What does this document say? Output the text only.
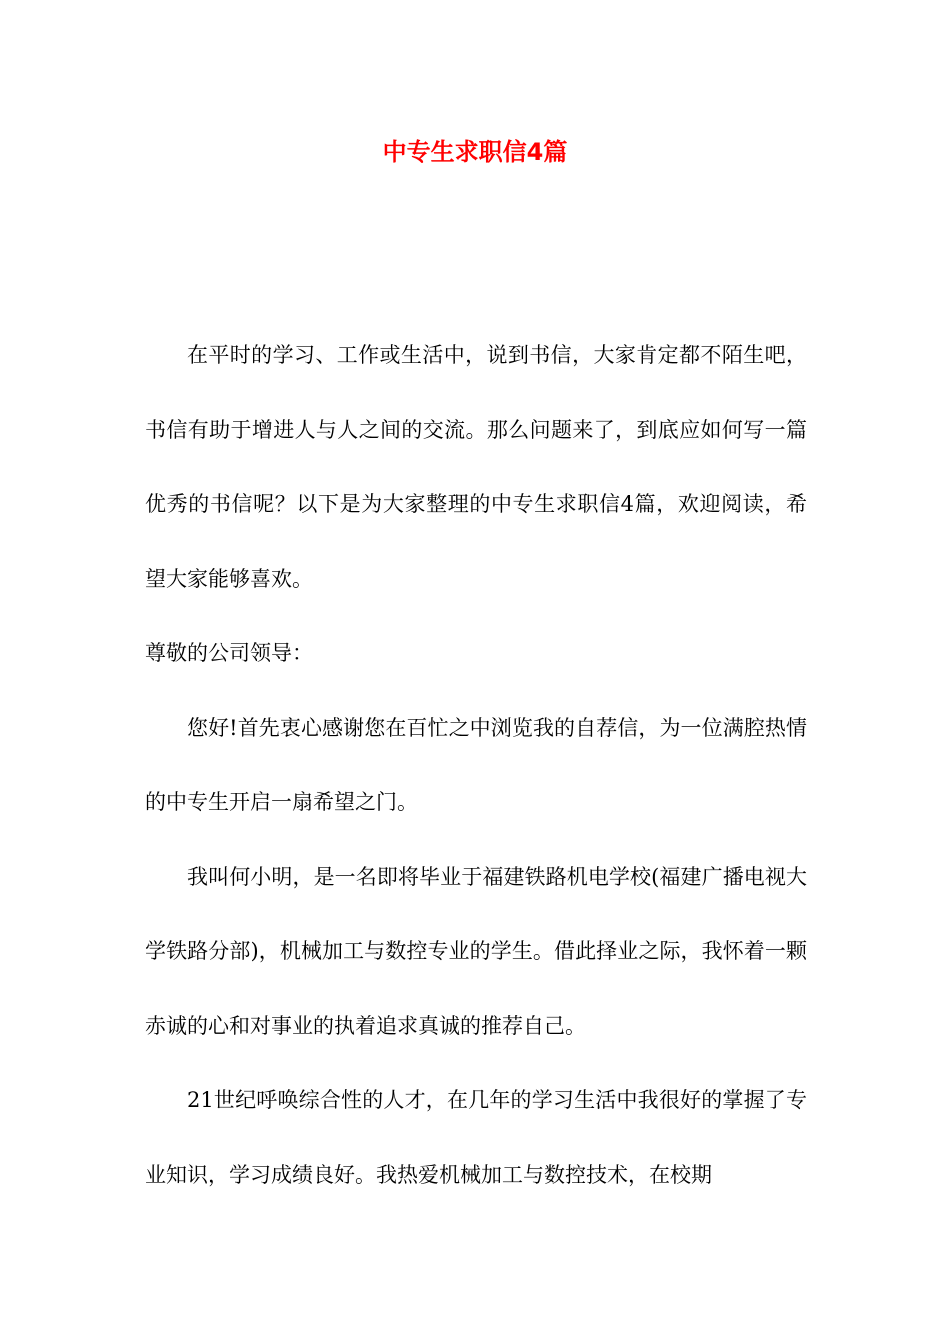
中专生求职信4篇

在平时的学习、工作或生活中，说到书信，大家肯定都不陌生吧，书信有助于增进人与人之间的交流。那么问题来了，到底应如何写一篇优秀的书信呢？以下是为大家整理的中专生求职信4篇，欢迎阅读，希望大家能够喜欢。

尊敬的公司领导：

您好!首先衷心感谢您在百忙之中浏览我的自荐信，为一位满腔热情的中专生开启一扇希望之门。

我叫何小明，是一名即将毕业于福建铁路机电学校(福建广播电视大学铁路分部)，机械加工与数控专业的学生。借此择业之际，我怀着一颗赤诚的心和对事业的执着追求真诚的推荐自己。

21世纪呼唤综合性的人才，在几年的学习生活中我很好的掌握了专业知识，学习成绩良好。我热爱机械加工与数控技术，在校期
